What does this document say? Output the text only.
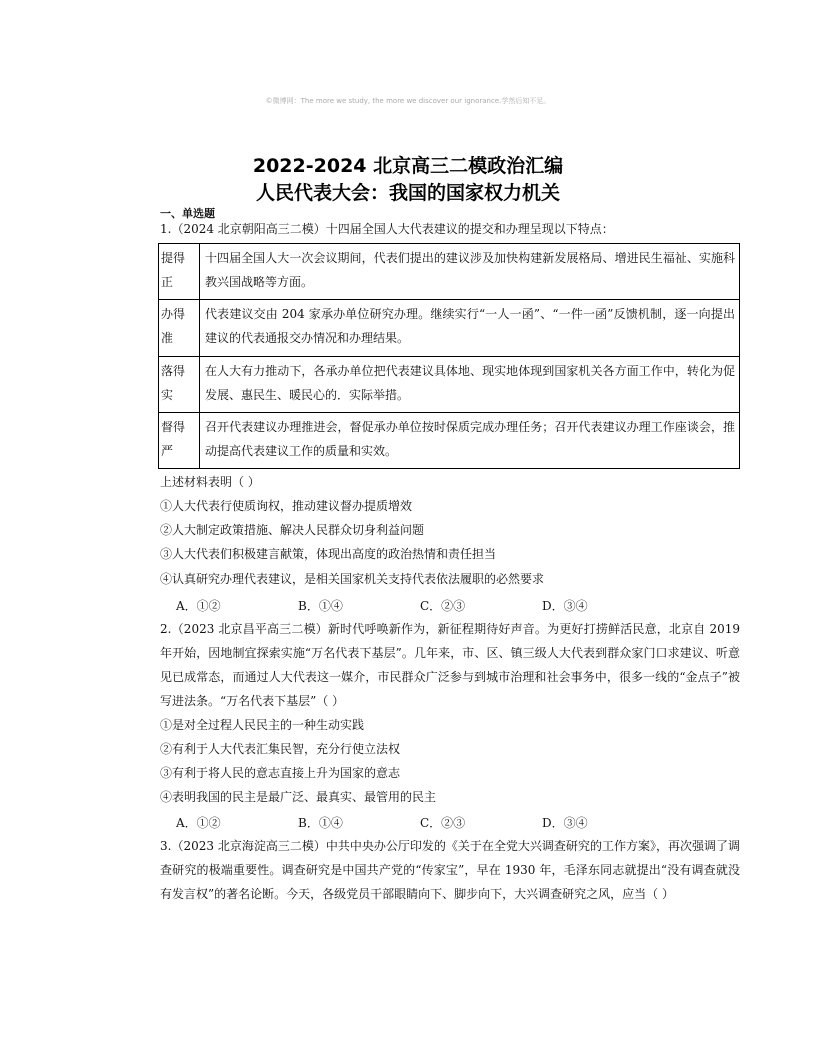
©微博网：The more we study, the more we discover our ignorance.学然后知不足。
2022-2024 北京高三二模政治汇编
人民代表大会：我国的国家权力机关
一、单选题
1.（2024 北京朝阳高三二模）十四届全国人大代表建议的提交和办理呈现以下特点：
提得正	十四届全国人大一次会议期间，代表们提出的建议涉及加快构建新发展格局、增进民生福祉、实施科教兴国战略等方面。

办得准	代表建议交由 204 家承办单位研究办理。继续实行“一人一函”、“一件一函”反馈机制，逐一向提出建议的代表通报交办情况和办理结果。

落得实	在人大有力推动下，各承办单位把代表建议具体地、现实地体现到国家机关各方面工作中，转化为促发展、惠民生、暖民心的．实际举措。

督得严	召开代表建议办理推进会，督促承办单位按时保质完成办理任务；召开代表建议办理工作座谈会，推动提高代表建议工作的质量和实效。
上述材料表明（ ）
①人大代表行使质询权，推动建议督办提质增效
②人大制定政策措施、解决人民群众切身利益问题
③人大代表们积极建言献策，体现出高度的政治热情和责任担当
④认真研究办理代表建议，是相关国家机关支持代表依法履职的必然要求
A．①②	B．①④	C．②③	D．③④
2.（2023 北京昌平高三二模）新时代呼唤新作为，新征程期待好声音。为更好打捞鲜活民意，北京自 2019 年开始，因地制宜探索实施“万名代表下基层”。几年来，市、区、镇三级人大代表到群众家门口求建议、听意见已成常态，而通过人大代表这一媒介，市民群众广泛参与到城市治理和社会事务中，很多一线的“金点子”被写进法条。“万名代表下基层”（ ）
①是对全过程人民民主的一种生动实践
②有利于人大代表汇集民智，充分行使立法权
③有利于将人民的意志直接上升为国家的意志
④表明我国的民主是最广泛、最真实、最管用的民主
A．①②	B．①④	C．②③	D．③④
3.（2023 北京海淀高三二模）中共中央办公厅印发的《关于在全党大兴调查研究的工作方案》，再次强调了调查研究的极端重要性。调查研究是中国共产党的“传家宝”，早在 1930 年，毛泽东同志就提出“没有调查就没有发言权”的著名论断。今天，各级党员干部眼睛向下、脚步向下，大兴调查研究之风，应当（ ）
